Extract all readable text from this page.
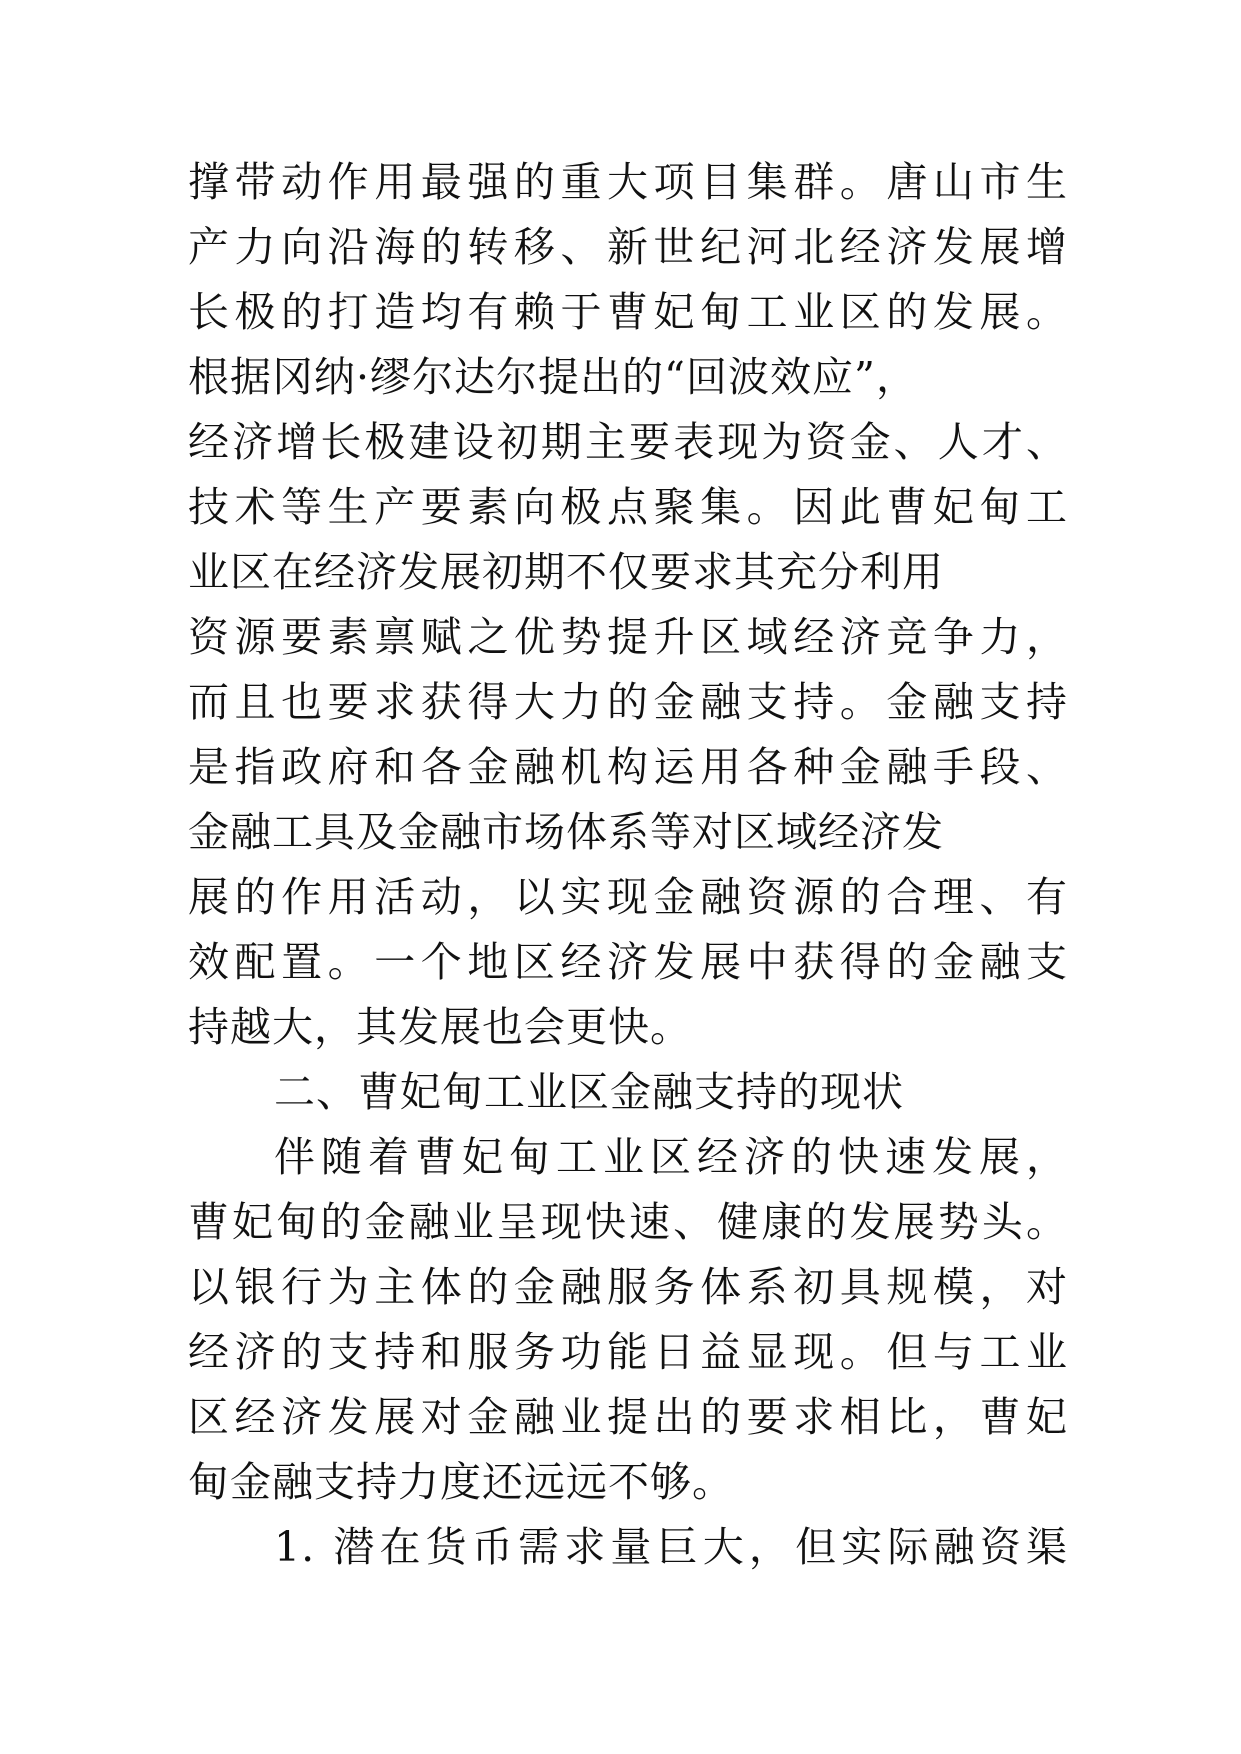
撑带动作用最强的重大项目集群。唐山市生
产力向沿海的转移、新世纪河北经济发展增
长极的打造均有赖于曹妃甸工业区的发展。
根据冈纳·缪尔达尔提出的“回波效应”，
经济增长极建设初期主要表现为资金、人才、
技术等生产要素向极点聚集。因此曹妃甸工
业区在经济发展初期不仅要求其充分利用
资源要素禀赋之优势提升区域经济竞争力，
而且也要求获得大力的金融支持。金融支持
是指政府和各金融机构运用各种金融手段、
金融工具及金融市场体系等对区域经济发
展的作用活动，以实现金融资源的合理、有
效配置。一个地区经济发展中获得的金融支
持越大，其发展也会更快。
二、曹妃甸工业区金融支持的现状
伴随着曹妃甸工业区经济的快速发展，
曹妃甸的金融业呈现快速、健康的发展势头。
以银行为主体的金融服务体系初具规模，对
经济的支持和服务功能日益显现。但与工业
区经济发展对金融业提出的要求相比，曹妃
甸金融支持力度还远远不够。
1. 潜在货币需求量巨大，但实际融资渠
